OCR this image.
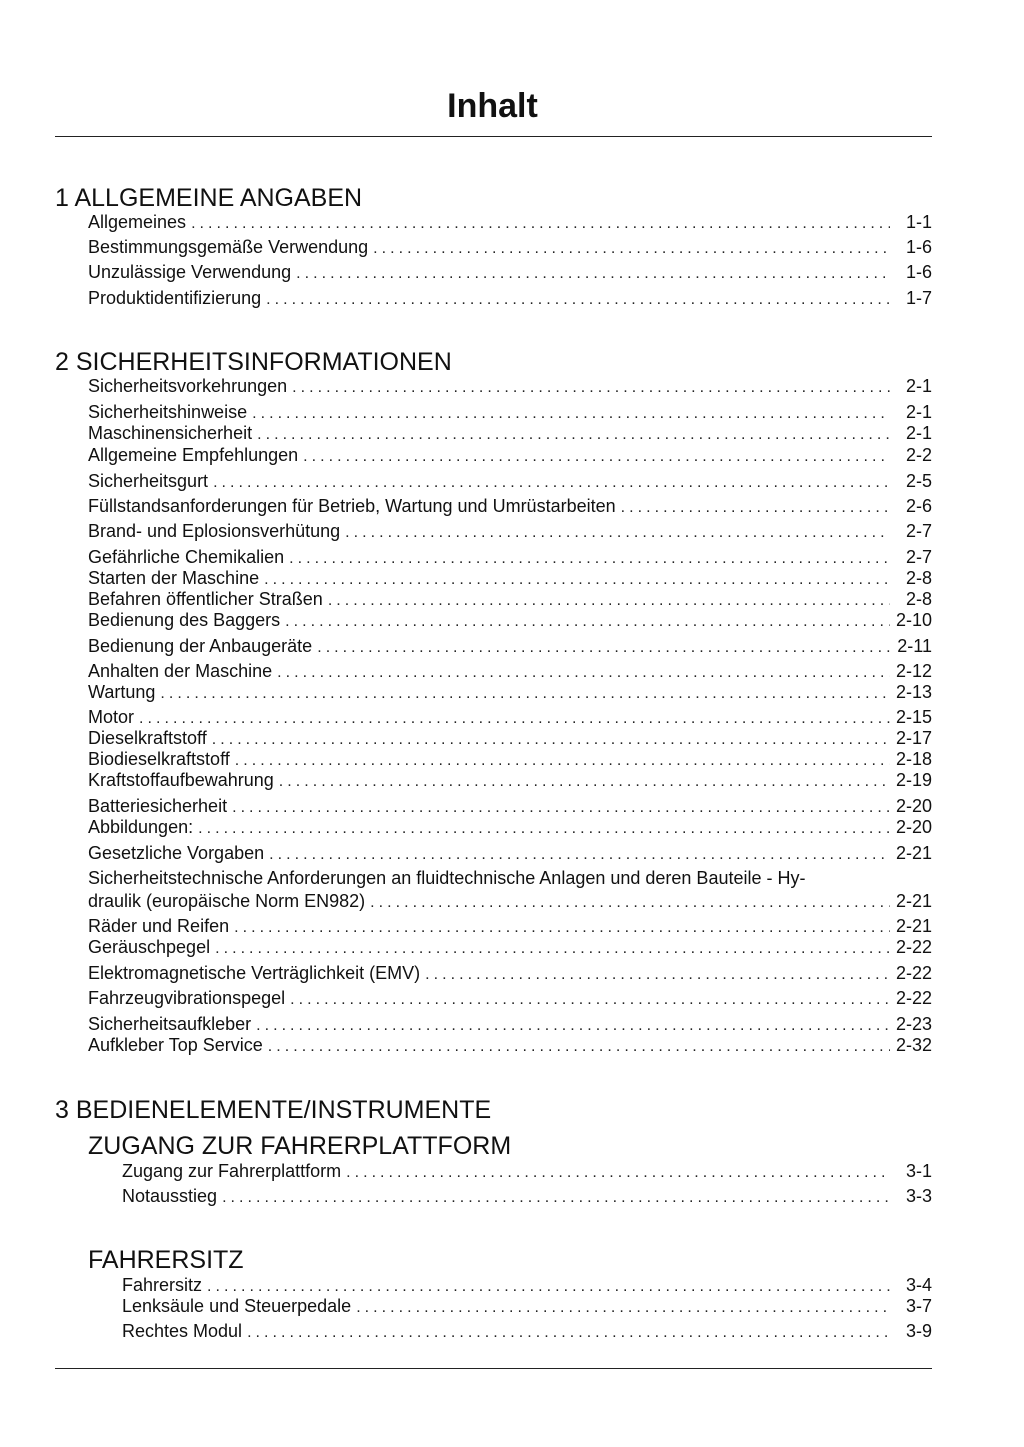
Inhalt
1 ALLGEMEINE ANGABEN
Allgemeines . . .	1-1
Bestimmungsgemäße Verwendung . . .	1-6
Unzulässige Verwendung . . .	1-6
Produktidentifizierung . . .	1-7
2 SICHERHEITSINFORMATIONEN
Sicherheitsvorkehrungen . . .	2-1
Sicherheitshinweise . . .	2-1
Maschinensicherheit . . .	2-1
Allgemeine Empfehlungen . . .	2-2
Sicherheitsgurt . . .	2-5
Füllstandsanforderungen für Betrieb, Wartung und Umrüstarbeiten . . .	2-6
Brand- und Eplosionsverhütung . . .	2-7
Gefährliche Chemikalien . . .	2-7
Starten der Maschine . . .	2-8
Befahren öffentlicher Straßen . . .	2-8
Bedienung des Baggers . . .	2-10
Bedienung der Anbaugeräte . . .	2-11
Anhalten der Maschine . . .	2-12
Wartung . . .	2-13
Motor . . .	2-15
Dieselkraftstoff . . .	2-17
Biodieselkraftstoff . . .	2-18
Kraftstoffaufbewahrung . . .	2-19
Batteriesicherheit . . .	2-20
Abbildungen: . . .	2-20
Gesetzliche Vorgaben . . .	2-21
Sicherheitstechnische Anforderungen an fluidtechnische Anlagen und deren Bauteile - Hy-
draulik (europäische Norm EN982) . . .	2-21
Räder und Reifen . . .	2-21
Geräuschpegel . . .	2-22
Elektromagnetische Verträglichkeit (EMV) . . .	2-22
Fahrzeugvibrationspegel . . .	2-22
Sicherheitsaufkleber . . .	2-23
Aufkleber Top Service . . .	2-32
3 BEDIENELEMENTE/INSTRUMENTE
ZUGANG ZUR FAHRERPLATTFORM
Zugang zur Fahrerplattform . . .	3-1
Notausstieg . . .	3-3
FAHRERSITZ
Fahrersitz . . .	3-4
Lenksäule und Steuerpedale . . .	3-7
Rechtes Modul . . .	3-9
